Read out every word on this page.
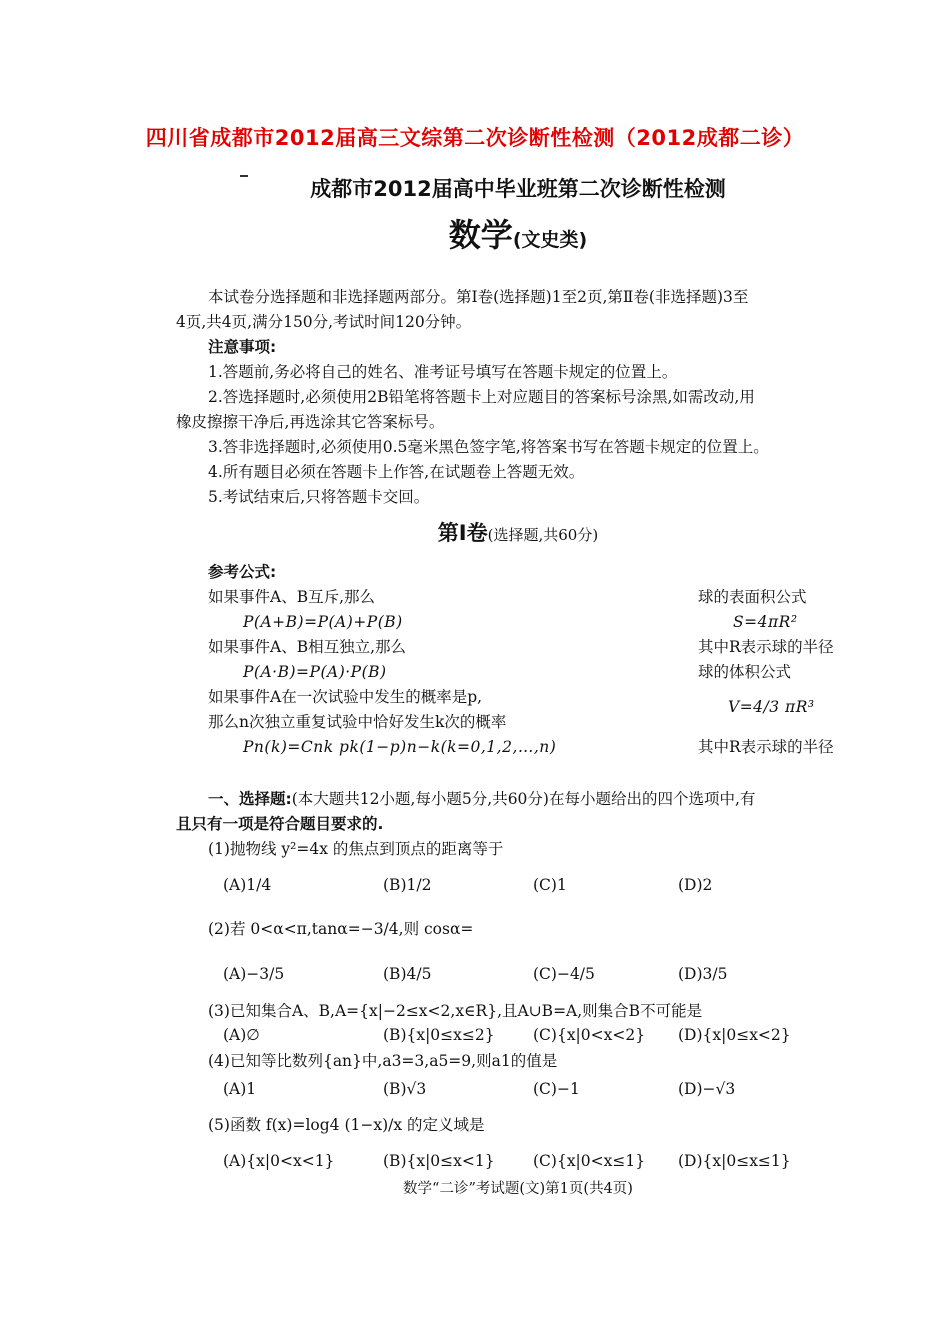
四川省成都市2012届高三文综第二次诊断性检测（2012成都二诊）
成都市2012届高中毕业班第二次诊断性检测
数学(文史类)
本试卷分选择题和非选择题两部分。第Ⅰ卷(选择题)1至2页,第Ⅱ卷(非选择题)3至
4页,共4页,满分150分,考试时间120分钟。
注意事项:
1.答题前,务必将自己的姓名、准考证号填写在答题卡规定的位置上。
2.答选择题时,必须使用2B铅笔将答题卡上对应题目的答案标号涂黑,如需改动,用
橡皮擦擦干净后,再选涂其它答案标号。
3.答非选择题时,必须使用0.5毫米黑色签字笔,将答案书写在答题卡规定的位置上。
4.所有题目必须在答题卡上作答,在试题卷上答题无效。
5.考试结束后,只将答题卡交回。
第Ⅰ卷(选择题,共60分)
参考公式:
如果事件A、B互斥,那么
P(A+B)=P(A)+P(B)
如果事件A、B相互独立,那么
P(A·B)=P(A)·P(B)
如果事件A在一次试验中发生的概率是p,
那么n次独立重复试验中恰好发生k次的概率
Pn(k)=Cnk pk(1−p)n−k(k=0,1,2,…,n)
球的表面积公式
S=4πR²
其中R表示球的半径
球的体积公式
V=4/3 πR³
其中R表示球的半径
一、选择题:(本大题共12小题,每小题5分,共60分)在每小题给出的四个选项中,有
且只有一项是符合题目要求的.
(1)抛物线 y²=4x 的焦点到顶点的距离等于
(A)1/4	(B)1/2	(C)1	(D)2
(2)若 0<α<π,tanα=−3/4,则 cosα=
(A)−3/5	(B)4/5	(C)−4/5	(D)3/5
(3)已知集合A、B,A={x|−2≤x<2,x∈R},且A∪B=A,则集合B不可能是
(A)∅	(B){x|0≤x≤2} (C){x|0<x<2} (D){x|0≤x<2}
(4)已知等比数列{an}中,a3=3,a5=9,则a1的值是
(A)1	(B)√3	(C)−1	(D)−√3
(5)函数 f(x)=log4 (1−x)/x 的定义域是
(A){x|0<x<1}	(B){x|0≤x<1} (C){x|0<x≤1} (D){x|0≤x≤1}
数学“二诊”考试题(文)第1页(共4页)
